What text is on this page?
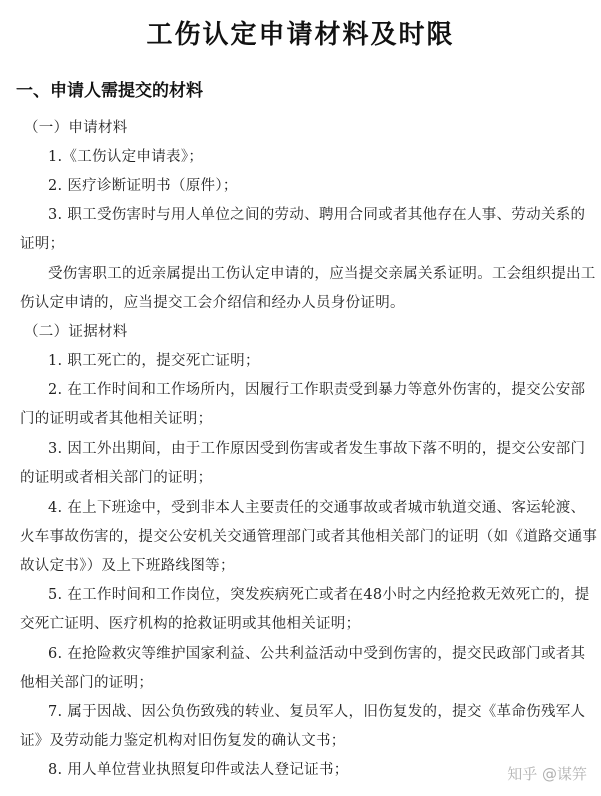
工伤认定申请材料及时限
一、申请人需提交的材料
（一）申请材料
1.《工伤认定申请表》；
2. 医疗诊断证明书（原件）；
3. 职工受伤害时与用人单位之间的劳动、聘用合同或者其他存在人事、劳动关系的
证明；
受伤害职工的近亲属提出工伤认定申请的，应当提交亲属关系证明。工会组织提出工
伤认定申请的，应当提交工会介绍信和经办人员身份证明。
（二）证据材料
1. 职工死亡的，提交死亡证明；
2. 在工作时间和工作场所内，因履行工作职责受到暴力等意外伤害的，提交公安部
门的证明或者其他相关证明；
3. 因工外出期间，由于工作原因受到伤害或者发生事故下落不明的，提交公安部门
的证明或者相关部门的证明；
4. 在上下班途中，受到非本人主要责任的交通事故或者城市轨道交通、客运轮渡、
火车事故伤害的，提交公安机关交通管理部门或者其他相关部门的证明（如《道路交通事
故认定书》）及上下班路线图等；
5. 在工作时间和工作岗位，突发疾病死亡或者在48小时之内经抢救无效死亡的，提
交死亡证明、医疗机构的抢救证明或其他相关证明；
6. 在抢险救灾等维护国家利益、公共利益活动中受到伤害的，提交民政部门或者其
他相关部门的证明；
7. 属于因战、因公负伤致残的转业、复员军人，旧伤复发的，提交《革命伤残军人
证》及劳动能力鉴定机构对旧伤复发的确认文书；
8. 用人单位营业执照复印件或法人登记证书；	知乎 @谋笄
